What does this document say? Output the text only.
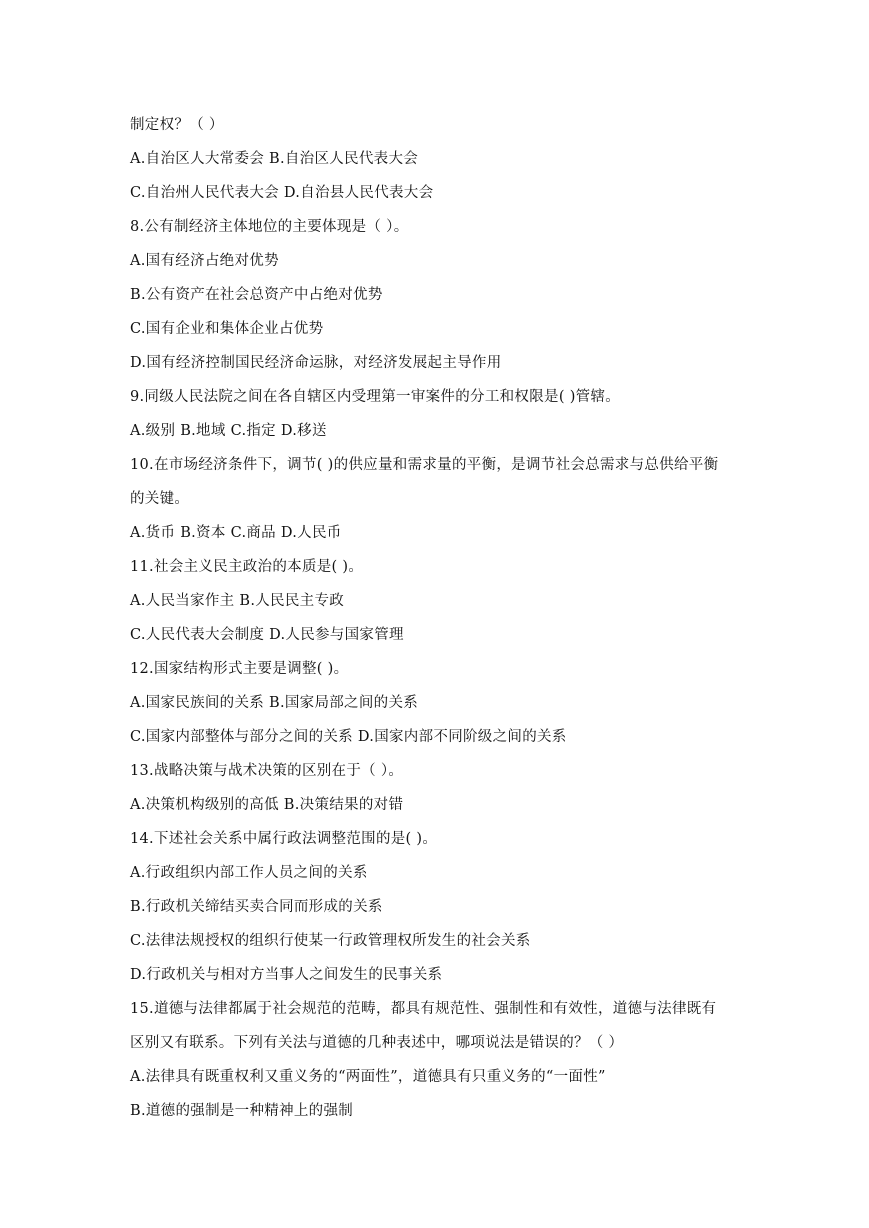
制定权？（ ）
A.自治区人大常委会 B.自治区人民代表大会
C.自治州人民代表大会 D.自治县人民代表大会
8.公有制经济主体地位的主要体现是（ ）。
A.国有经济占绝对优势
B.公有资产在社会总资产中占绝对优势
C.国有企业和集体企业占优势
D.国有经济控制国民经济命运脉，对经济发展起主导作用
9.同级人民法院之间在各自辖区内受理第一审案件的分工和权限是( )管辖。
A.级别 B.地域 C.指定 D.移送
10.在市场经济条件下，调节( )的供应量和需求量的平衡，是调节社会总需求与总供给平衡
的关键。
A.货币 B.资本 C.商品 D.人民币
11.社会主义民主政治的本质是( )。
A.人民当家作主 B.人民民主专政
C.人民代表大会制度 D.人民参与国家管理
12.国家结构形式主要是调整( )。
A.国家民族间的关系 B.国家局部之间的关系
C.国家内部整体与部分之间的关系 D.国家内部不同阶级之间的关系
13.战略决策与战术决策的区别在于（ ）。
A.决策机构级别的高低 B.决策结果的对错
14.下述社会关系中属行政法调整范围的是( )。
A.行政组织内部工作人员之间的关系
B.行政机关缔结买卖合同而形成的关系
C.法律法规授权的组织行使某一行政管理权所发生的社会关系
D.行政机关与相对方当事人之间发生的民事关系
15.道德与法律都属于社会规范的范畴，都具有规范性、强制性和有效性，道德与法律既有
区别又有联系。下列有关法与道德的几种表述中，哪项说法是错误的？（ ）
A.法律具有既重权利又重义务的“两面性”，道德具有只重义务的“一面性”
B.道德的强制是一种精神上的强制
